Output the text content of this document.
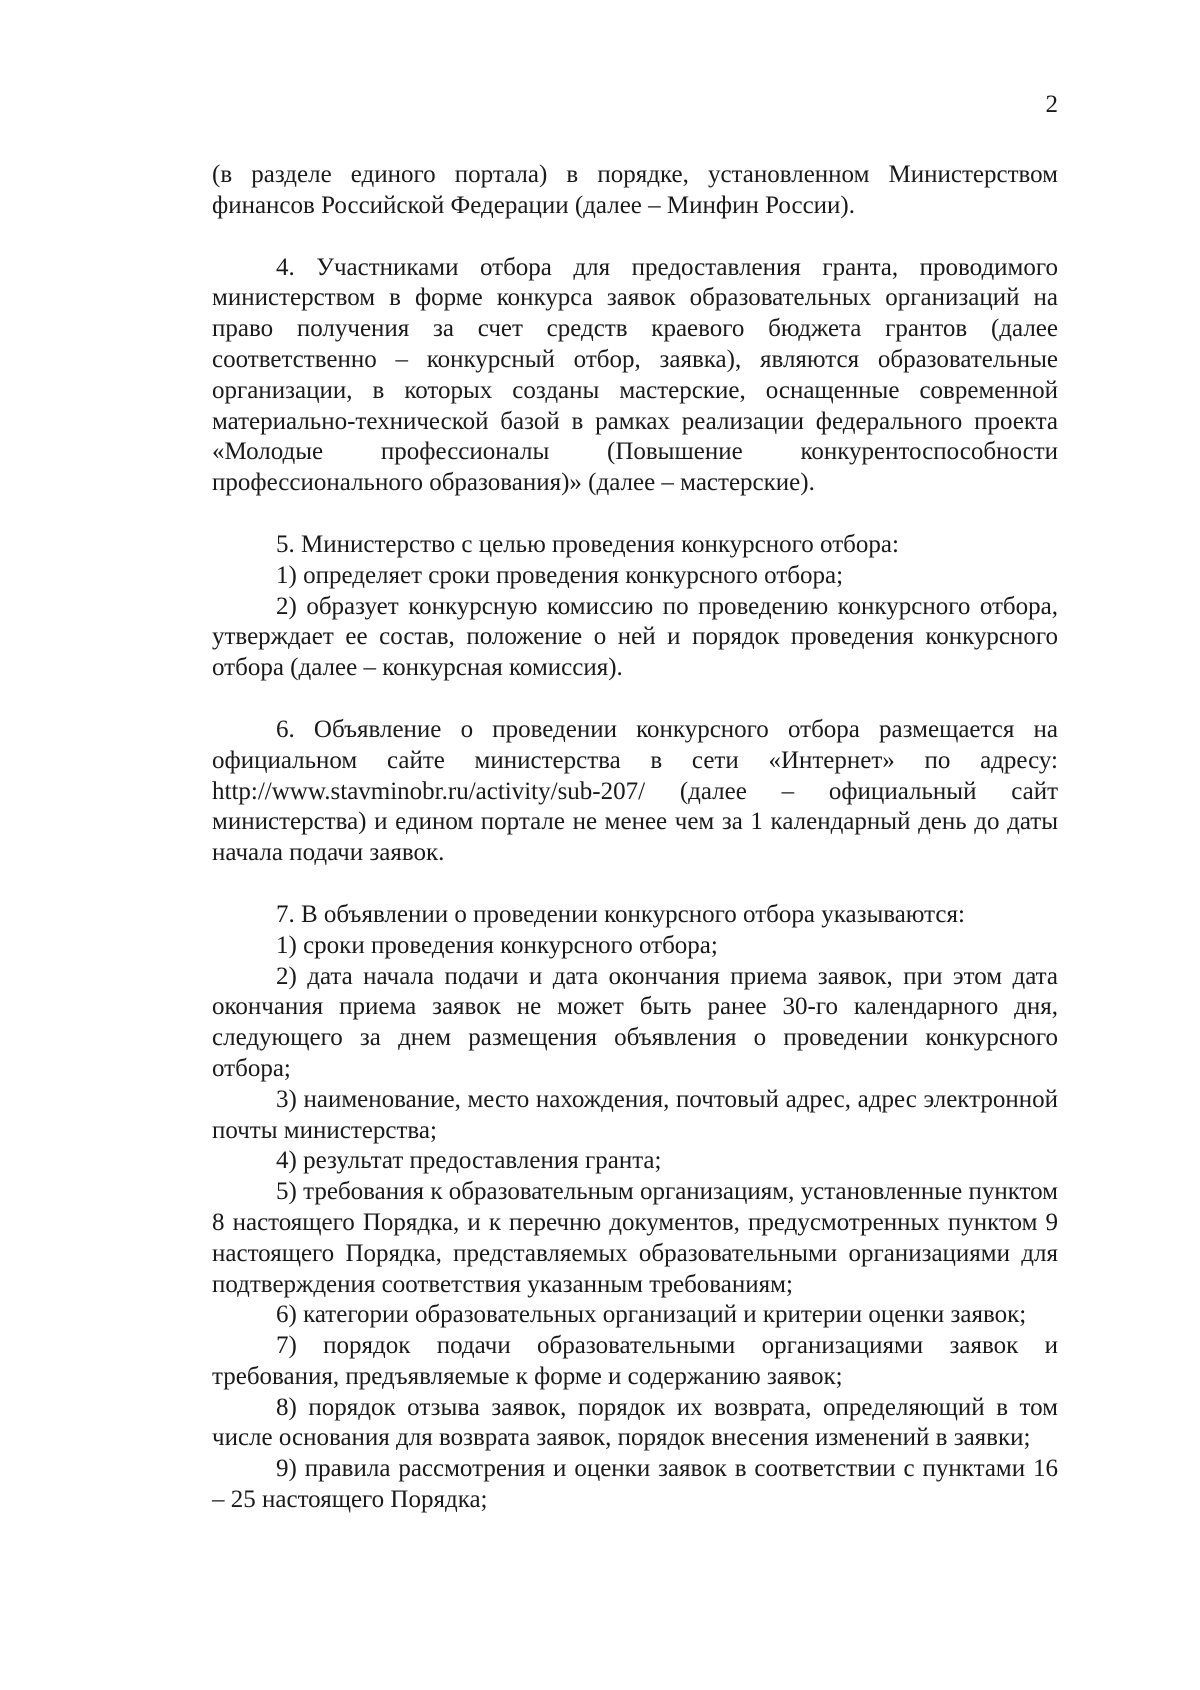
2

(в разделе единого портала) в порядке, установленном Министерством финансов Российской Федерации (далее – Минфин России).

4. Участниками отбора для предоставления гранта, проводимого министерством в форме конкурса заявок образовательных организаций на право получения за счет средств краевого бюджета грантов (далее соответственно – конкурсный отбор, заявка), являются образовательные организации, в которых созданы мастерские, оснащенные современной материально-технической базой в рамках реализации федерального проекта «Молодые профессионалы (Повышение конкурентоспособности профессионального образования)» (далее – мастерские).

5. Министерство с целью проведения конкурсного отбора:

1) определяет сроки проведения конкурсного отбора;

2) образует конкурсную комиссию по проведению конкурсного отбора, утверждает ее состав, положение о ней и порядок проведения конкурсного отбора (далее – конкурсная комиссия).

6. Объявление о проведении конкурсного отбора размещается на официальном сайте министерства в сети «Интернет» по адресу: http://www.stavminobr.ru/activity/sub-207/ (далее – официальный сайт министерства) и едином портале не менее чем за 1 календарный день до даты начала подачи заявок.

7. В объявлении о проведении конкурсного отбора указываются:

1) сроки проведения конкурсного отбора;

2) дата начала подачи и дата окончания приема заявок, при этом дата окончания приема заявок не может быть ранее 30-го календарного дня, следующего за днем размещения объявления о проведении конкурсного отбора;

3) наименование, место нахождения, почтовый адрес, адрес электронной почты министерства;

4) результат предоставления гранта;

5) требования к образовательным организациям, установленные пунктом 8 настоящего Порядка, и к перечню документов, предусмотренных пунктом 9 настоящего Порядка, представляемых образовательными организациями для подтверждения соответствия указанным требованиям;

6) категории образовательных организаций и критерии оценки заявок;

7) порядок подачи образовательными организациями заявок и требования, предъявляемые к форме и содержанию заявок;

8) порядок отзыва заявок, порядок их возврата, определяющий в том числе основания для возврата заявок, порядок внесения изменений в заявки;

9) правила рассмотрения и оценки заявок в соответствии с пунктами 16 – 25 настоящего Порядка;
